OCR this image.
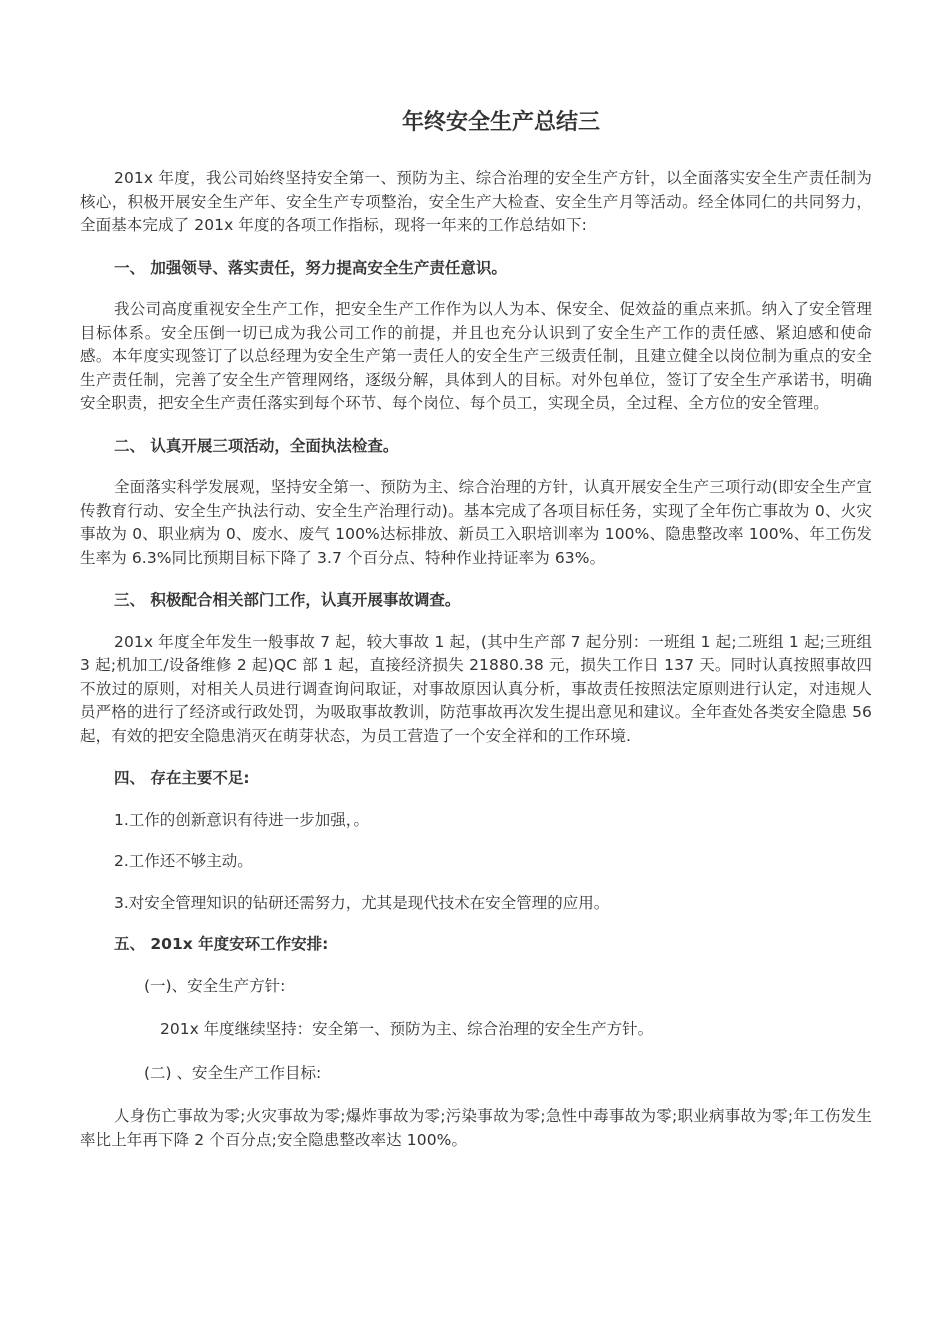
年终安全生产总结三

201x 年度，我公司始终坚持安全第一、预防为主、综合治理的安全生产方针，以全面落实安全生产责任制为核心，积极开展安全生产年、安全生产专项整治，安全生产大检查、安全生产月等活动。经全体同仁的共同努力，全面基本完成了 201x 年度的各项工作指标，现将一年来的工作总结如下:

一、 加强领导、落实责任，努力提高安全生产责任意识。

我公司高度重视安全生产工作，把安全生产工作作为以人为本、保安全、促效益的重点来抓。纳入了安全管理目标体系。安全压倒一切已成为我公司工作的前提，并且也充分认识到了安全生产工作的责任感、紧迫感和使命感。本年度实现签订了以总经理为安全生产第一责任人的安全生产三级责任制，且建立健全以岗位制为重点的安全生产责任制，完善了安全生产管理网络，逐级分解，具体到人的目标。对外包单位，签订了安全生产承诺书，明确安全职责，把安全生产责任落实到每个环节、每个岗位、每个员工，实现全员，全过程、全方位的安全管理。

二、 认真开展三项活动，全面执法检查。

全面落实科学发展观，坚持安全第一、预防为主、综合治理的方针，认真开展安全生产三项行动(即安全生产宣传教育行动、安全生产执法行动、安全生产治理行动)。基本完成了各项目标任务，实现了全年伤亡事故为 0、火灾事故为 0、职业病为 0、废水、废气 100%达标排放、新员工入职培训率为 100%、隐患整改率 100%、年工伤发生率为 6.3%同比预期目标下降了 3.7 个百分点、特种作业持证率为 63%。

三、 积极配合相关部门工作，认真开展事故调查。

201x 年度全年发生一般事故 7 起，较大事故 1 起，(其中生产部 7 起分别：一班组 1 起;二班组 1 起;三班组 3 起;机加工/设备维修 2 起)QC 部 1 起，直接经济损失 21880.38 元，损失工作日 137 天。同时认真按照事故四不放过的原则，对相关人员进行调查询问取证，对事故原因认真分析，事故责任按照法定原则进行认定，对违规人员严格的进行了经济或行政处罚，为吸取事故教训，防范事故再次发生提出意见和建议。全年查处各类安全隐患 56 起，有效的把安全隐患消灭在萌芽状态，为员工营造了一个安全祥和的工作环境.

四、 存在主要不足:

1.工作的创新意识有待进一步加强，。

2.工作还不够主动。

3.对安全管理知识的钻研还需努力，尤其是现代技术在安全管理的应用。

五、 201x 年度安环工作安排:

(一)、安全生产方针:

201x 年度继续坚持：安全第一、预防为主、综合治理的安全生产方针。

(二) 、安全生产工作目标:

人身伤亡事故为零;火灾事故为零;爆炸事故为零;污染事故为零;急性中毒事故为零;职业病事故为零;年工伤发生率比上年再下降 2 个百分点;安全隐患整改率达 100%。
